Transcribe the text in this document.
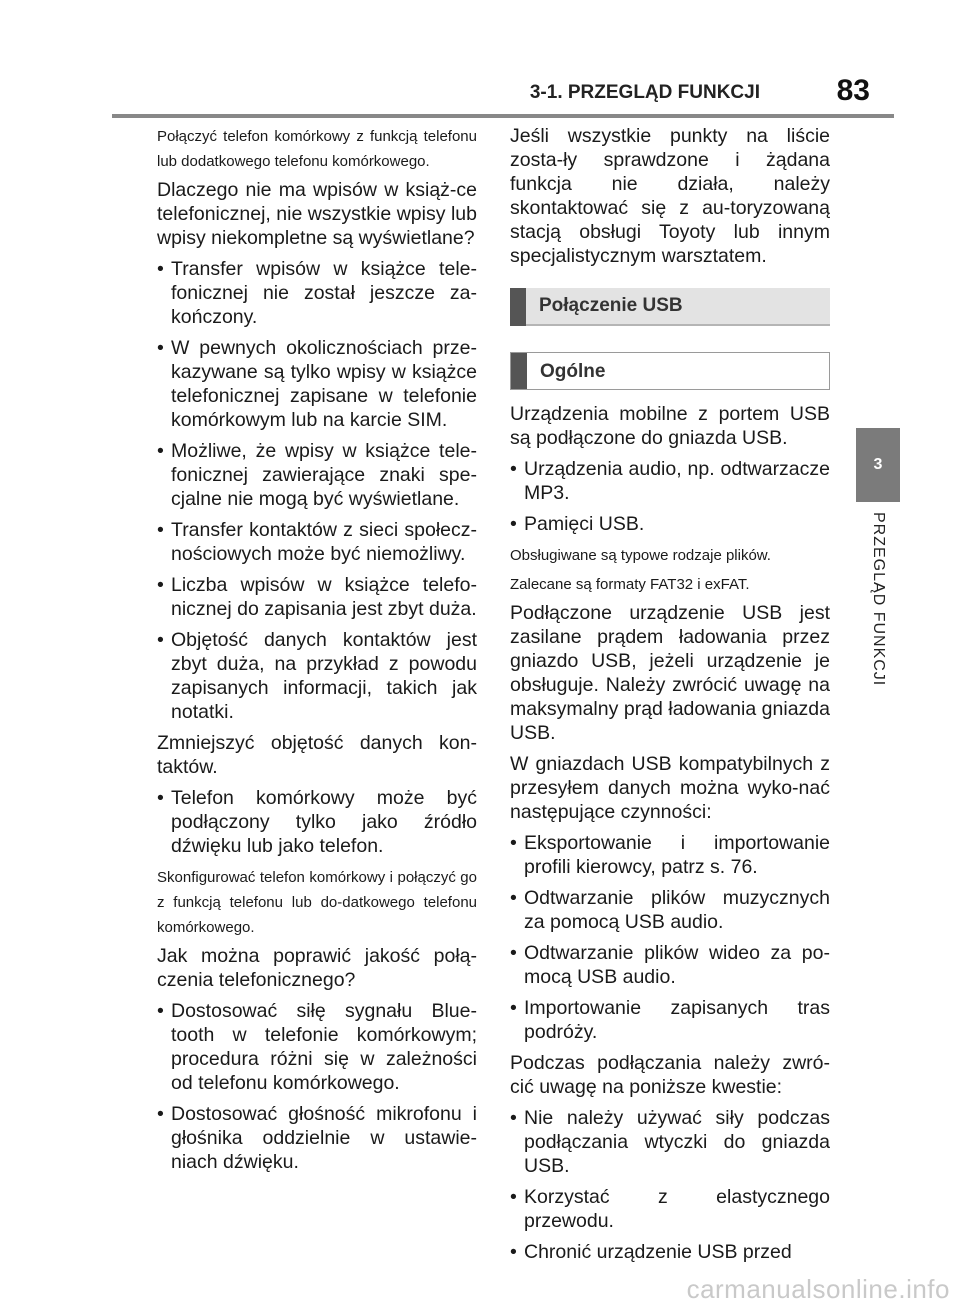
3-1. PRZEGLĄD FUNKCJI	83
3
PRZEGLĄD FUNKCJI

Połączyć telefon komórkowy z funkcją telefonu lub dodatkowego telefonu komórkowego.

Dlaczego nie ma wpisów w książ-ce telefonicznej, nie wszystkie wpisy lub wpisy niekompletne są wyświetlane?

• Transfer wpisów w książce tele-fonicznej nie został jeszcze za-kończony.
• W pewnych okolicznościach prze-kazywane są tylko wpisy w książce telefonicznej zapisane w telefonie komórkowym lub na karcie SIM.
• Możliwe, że wpisy w książce tele-fonicznej zawierające znaki spe-cjalne nie mogą być wyświetlane.
• Transfer kontaktów z sieci społecz-nościowych może być niemożliwy.
• Liczba wpisów w książce telefo-nicznej do zapisania jest zbyt duża.
• Objętość danych kontaktów jest zbyt duża, na przykład z powodu zapisanych informacji, takich jak notatki.

Zmniejszyć objętość danych kon-taktów.

• Telefon komórkowy może być podłączony tylko jako źródło dźwięku lub jako telefon.

Skonfigurować telefon komórkowy i połączyć go z funkcją telefonu lub do-datkowego telefonu komórkowego.

Jak można poprawić jakość połą-czenia telefonicznego?

• Dostosować siłę sygnału Blue-tooth w telefonie komórkowym; procedura różni się w zależności od telefonu komórkowego.
• Dostosować głośność mikrofonu i głośnika oddzielnie w ustawie-niach dźwięku.

Jeśli wszystkie punkty na liście zosta-ły sprawdzone i żądana funkcja nie działa, należy skontaktować się z au-toryzowaną stacją obsługi Toyoty lub innym specjalistycznym warsztatem.

Połączenie USB
Ogólne

Urządzenia mobilne z portem USB są podłączone do gniazda USB.

• Urządzenia audio, np. odtwarzacze MP3.
• Pamięci USB.

Obsługiwane są typowe rodzaje plików.

Zalecane są formaty FAT32 i exFAT.

Podłączone urządzenie USB jest zasilane prądem ładowania przez gniazdo USB, jeżeli urządzenie je obsługuje. Należy zwrócić uwagę na maksymalny prąd ładowania gniazda USB.

W gniazdach USB kompatybilnych z przesyłem danych można wyko-nać następujące czynności:

• Eksportowanie i importowanie profili kierowcy, patrz s. 76.
• Odtwarzanie plików muzycznych za pomocą USB audio.
• Odtwarzanie plików wideo za po-mocą USB audio.
• Importowanie zapisanych tras podróży.

Podczas podłączania należy zwró-cić uwagę na poniższe kwestie:

• Nie należy używać siły podczas podłączania wtyczki do gniazda USB.
• Korzystać z elastycznego przewodu.
• Chronić urządzenie USB przed
carmanualsonline.info
